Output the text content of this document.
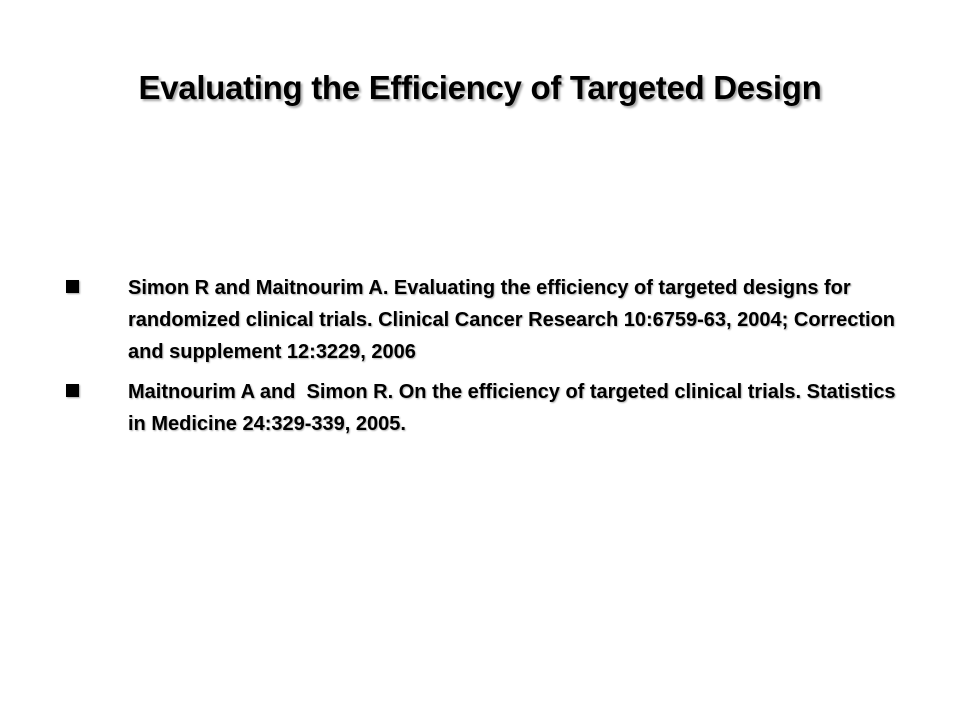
Evaluating the Efficiency of Targeted Design
Simon R and Maitnourim A. Evaluating the efficiency of targeted designs for randomized clinical trials. Clinical Cancer Research 10:6759-63, 2004; Correction and supplement 12:3229, 2006
Maitnourim A and  Simon R. On the efficiency of targeted clinical trials. Statistics in Medicine 24:329-339, 2005.
